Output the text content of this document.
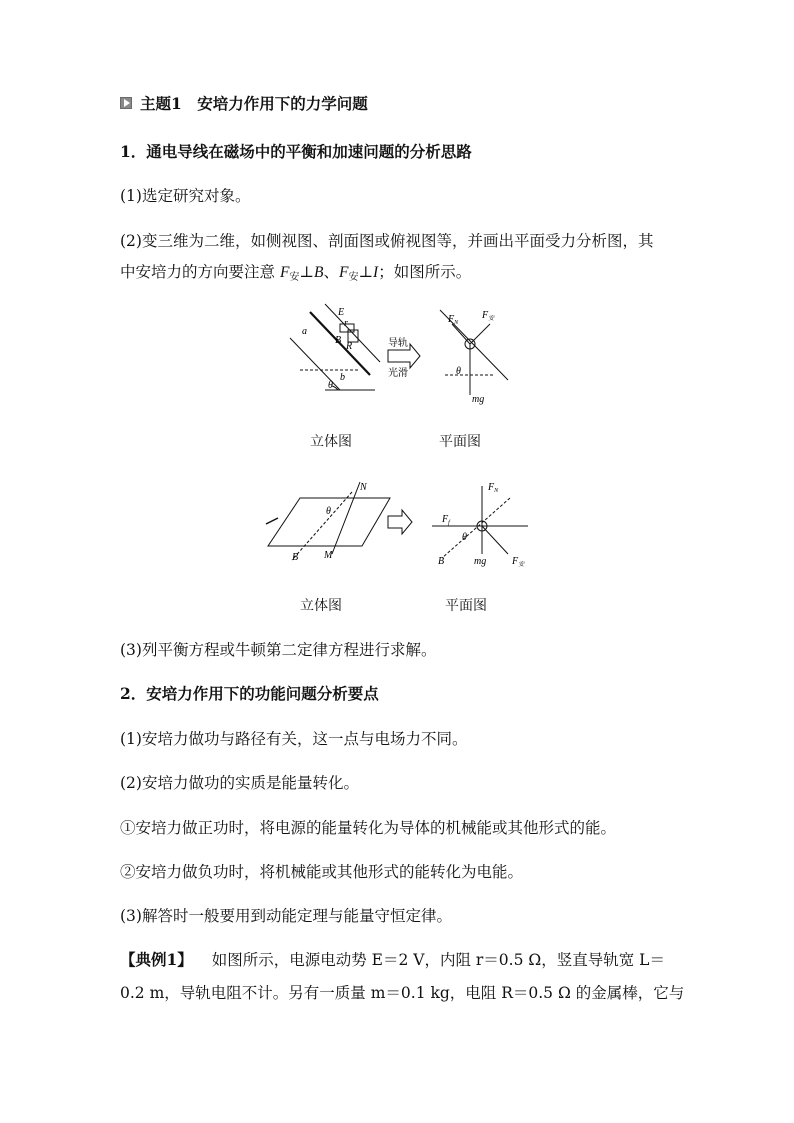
主题1　安培力作用下的力学问题
1．通电导线在磁场中的平衡和加速问题的分析思路
(1)选定研究对象。
(2)变三维为二维，如侧视图、剖面图或俯视图等，并画出平面受力分析图，其
中安培力的方向要注意 $F_安\perp B$、$F_安\perp I$；如图所示。
E
r
B
R
a
b
θ
导轨
光滑
$F_N$
$F_安$
mg
θ
立体图	平面图
N
M
B
θ
$F_N$
$F_f$
mg	$F_安$
θ
B
立体图	平面图
(3)列平衡方程或牛顿第二定律方程进行求解。
2．安培力作用下的功能问题分析要点
(1)安培力做功与路径有关，这一点与电场力不同。
(2)安培力做功的实质是能量转化。
①安培力做正功时，将电源的能量转化为导体的机械能或其他形式的能。
②安培力做负功时，将机械能或其他形式的能转化为电能。
(3)解答时一般要用到动能定理与能量守恒定律。
【典例1】 如图所示，电源电动势 E＝2 V，内阻 r＝0.5 Ω，竖直导轨宽 L＝
0.2 m，导轨电阻不计。另有一质量 m＝0.1 kg，电阻 R＝0.5 Ω 的金属棒，它与
